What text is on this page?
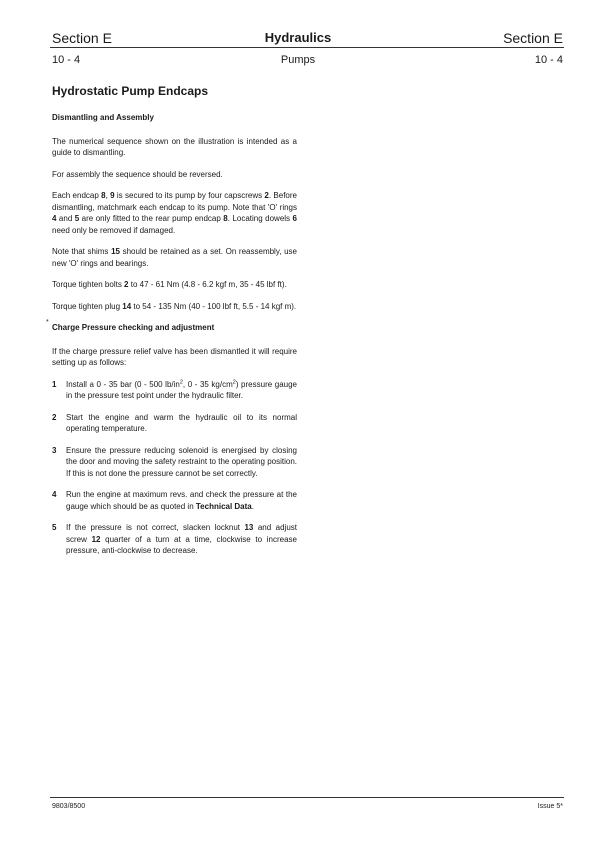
Section E	Hydraulics	Section E
10 - 4	Pumps	10 - 4
Hydrostatic Pump Endcaps
Dismantling and Assembly
The numerical sequence shown on the illustration is intended as a guide to dismantling.
For assembly the sequence should be reversed.
Each endcap 8, 9 is secured to its pump by four capscrews 2. Before dismantling, matchmark each endcap to its pump. Note that 'O' rings 4 and 5 are only fitted to the rear pump endcap 8. Locating dowels 6 need only be removed if damaged.
Note that shims 15 should be retained as a set. On reassembly, use new 'O' rings and bearings.
Torque tighten bolts 2 to 47 - 61 Nm (4.8 - 6.2 kgf m, 35 - 45 lbf ft).
Torque tighten plug 14 to 54 - 135 Nm (40 - 100 lbf ft, 5.5 - 14 kgf m).
*
Charge Pressure checking and adjustment
If the charge pressure relief valve has been dismantled it will require setting up as follows:
1	Install a 0 - 35 bar (0 - 500 $lb/in^2$, 0 - 35 $kg/cm^2$) pressure gauge in the pressure test point under the hydraulic filter.
2	Start the engine and warm the hydraulic oil to its normal operating temperature.
3	Ensure the pressure reducing solenoid is energised by closing the door and moving the safety restraint to the operating position. If this is not done the pressure cannot be set correctly.
4	Run the engine at maximum revs. and check the pressure at the gauge which should be as quoted in Technical Data.
5	If the pressure is not correct, slacken locknut 13 and adjust screw 12 quarter of a turn at a time, clockwise to increase pressure, anti-clockwise to decrease.
9803/8500	Issue 5*
